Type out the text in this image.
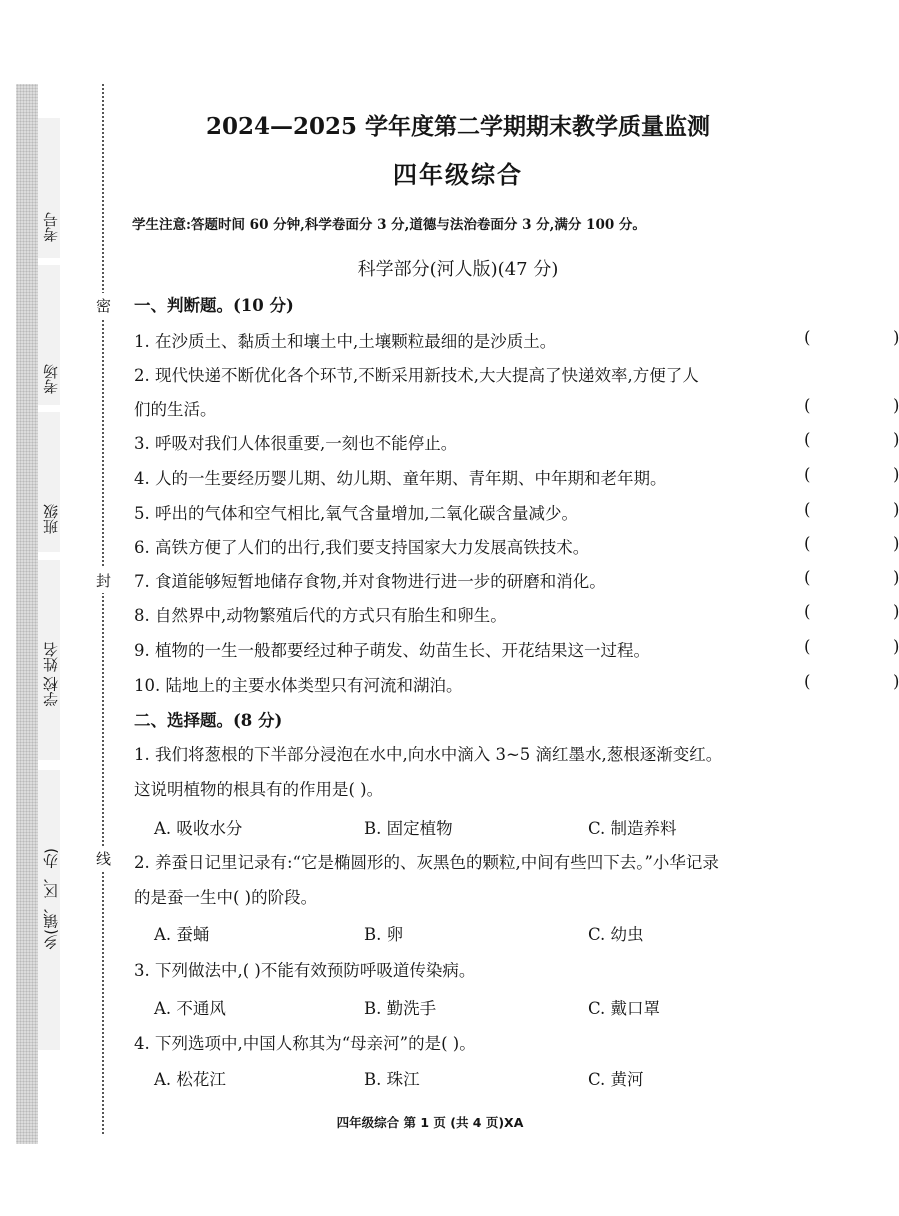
考号
考场
班级
学校 姓名
乡(镇、区、办)
密
封
线
2024—2025 学年度第二学期期末教学质量监测
四年级综合
学生注意:答题时间 60 分钟,科学卷面分 3 分,道德与法治卷面分 3 分,满分 100 分。
科学部分(河人版)(47 分)
一、判断题。(10 分)
1. 在沙质土、黏质土和壤土中,土壤颗粒最细的是沙质土。	(	)
2. 现代快递不断优化各个环节,不断采用新技术,大大提高了快递效率,方便了人
们的生活。	(	)
3. 呼吸对我们人体很重要,一刻也不能停止。	(	)
4. 人的一生要经历婴儿期、幼儿期、童年期、青年期、中年期和老年期。	(	)
5. 呼出的气体和空气相比,氧气含量增加,二氧化碳含量减少。	(	)
6. 高铁方便了人们的出行,我们要支持国家大力发展高铁技术。	(	)
7. 食道能够短暂地储存食物,并对食物进行进一步的研磨和消化。	(	)
8. 自然界中,动物繁殖后代的方式只有胎生和卵生。	(	)
9. 植物的一生一般都要经过种子萌发、幼苗生长、开花结果这一过程。	(	)
10. 陆地上的主要水体类型只有河流和湖泊。	(	)
二、选择题。(8 分)
1. 我们将葱根的下半部分浸泡在水中,向水中滴入 3~5 滴红墨水,葱根逐渐变红。
这说明植物的根具有的作用是( )。
A. 吸收水分	B. 固定植物	C. 制造养料
2. 养蚕日记里记录有:“它是椭圆形的、灰黑色的颗粒,中间有些凹下去。”小华记录
的是蚕一生中( )的阶段。
A. 蚕蛹	B. 卵	C. 幼虫
3. 下列做法中,( )不能有效预防呼吸道传染病。
A. 不通风	B. 勤洗手	C. 戴口罩
4. 下列选项中,中国人称其为“母亲河”的是( )。
A. 松花江	B. 珠江	C. 黄河
四年级综合 第 1 页 (共 4 页)XA
